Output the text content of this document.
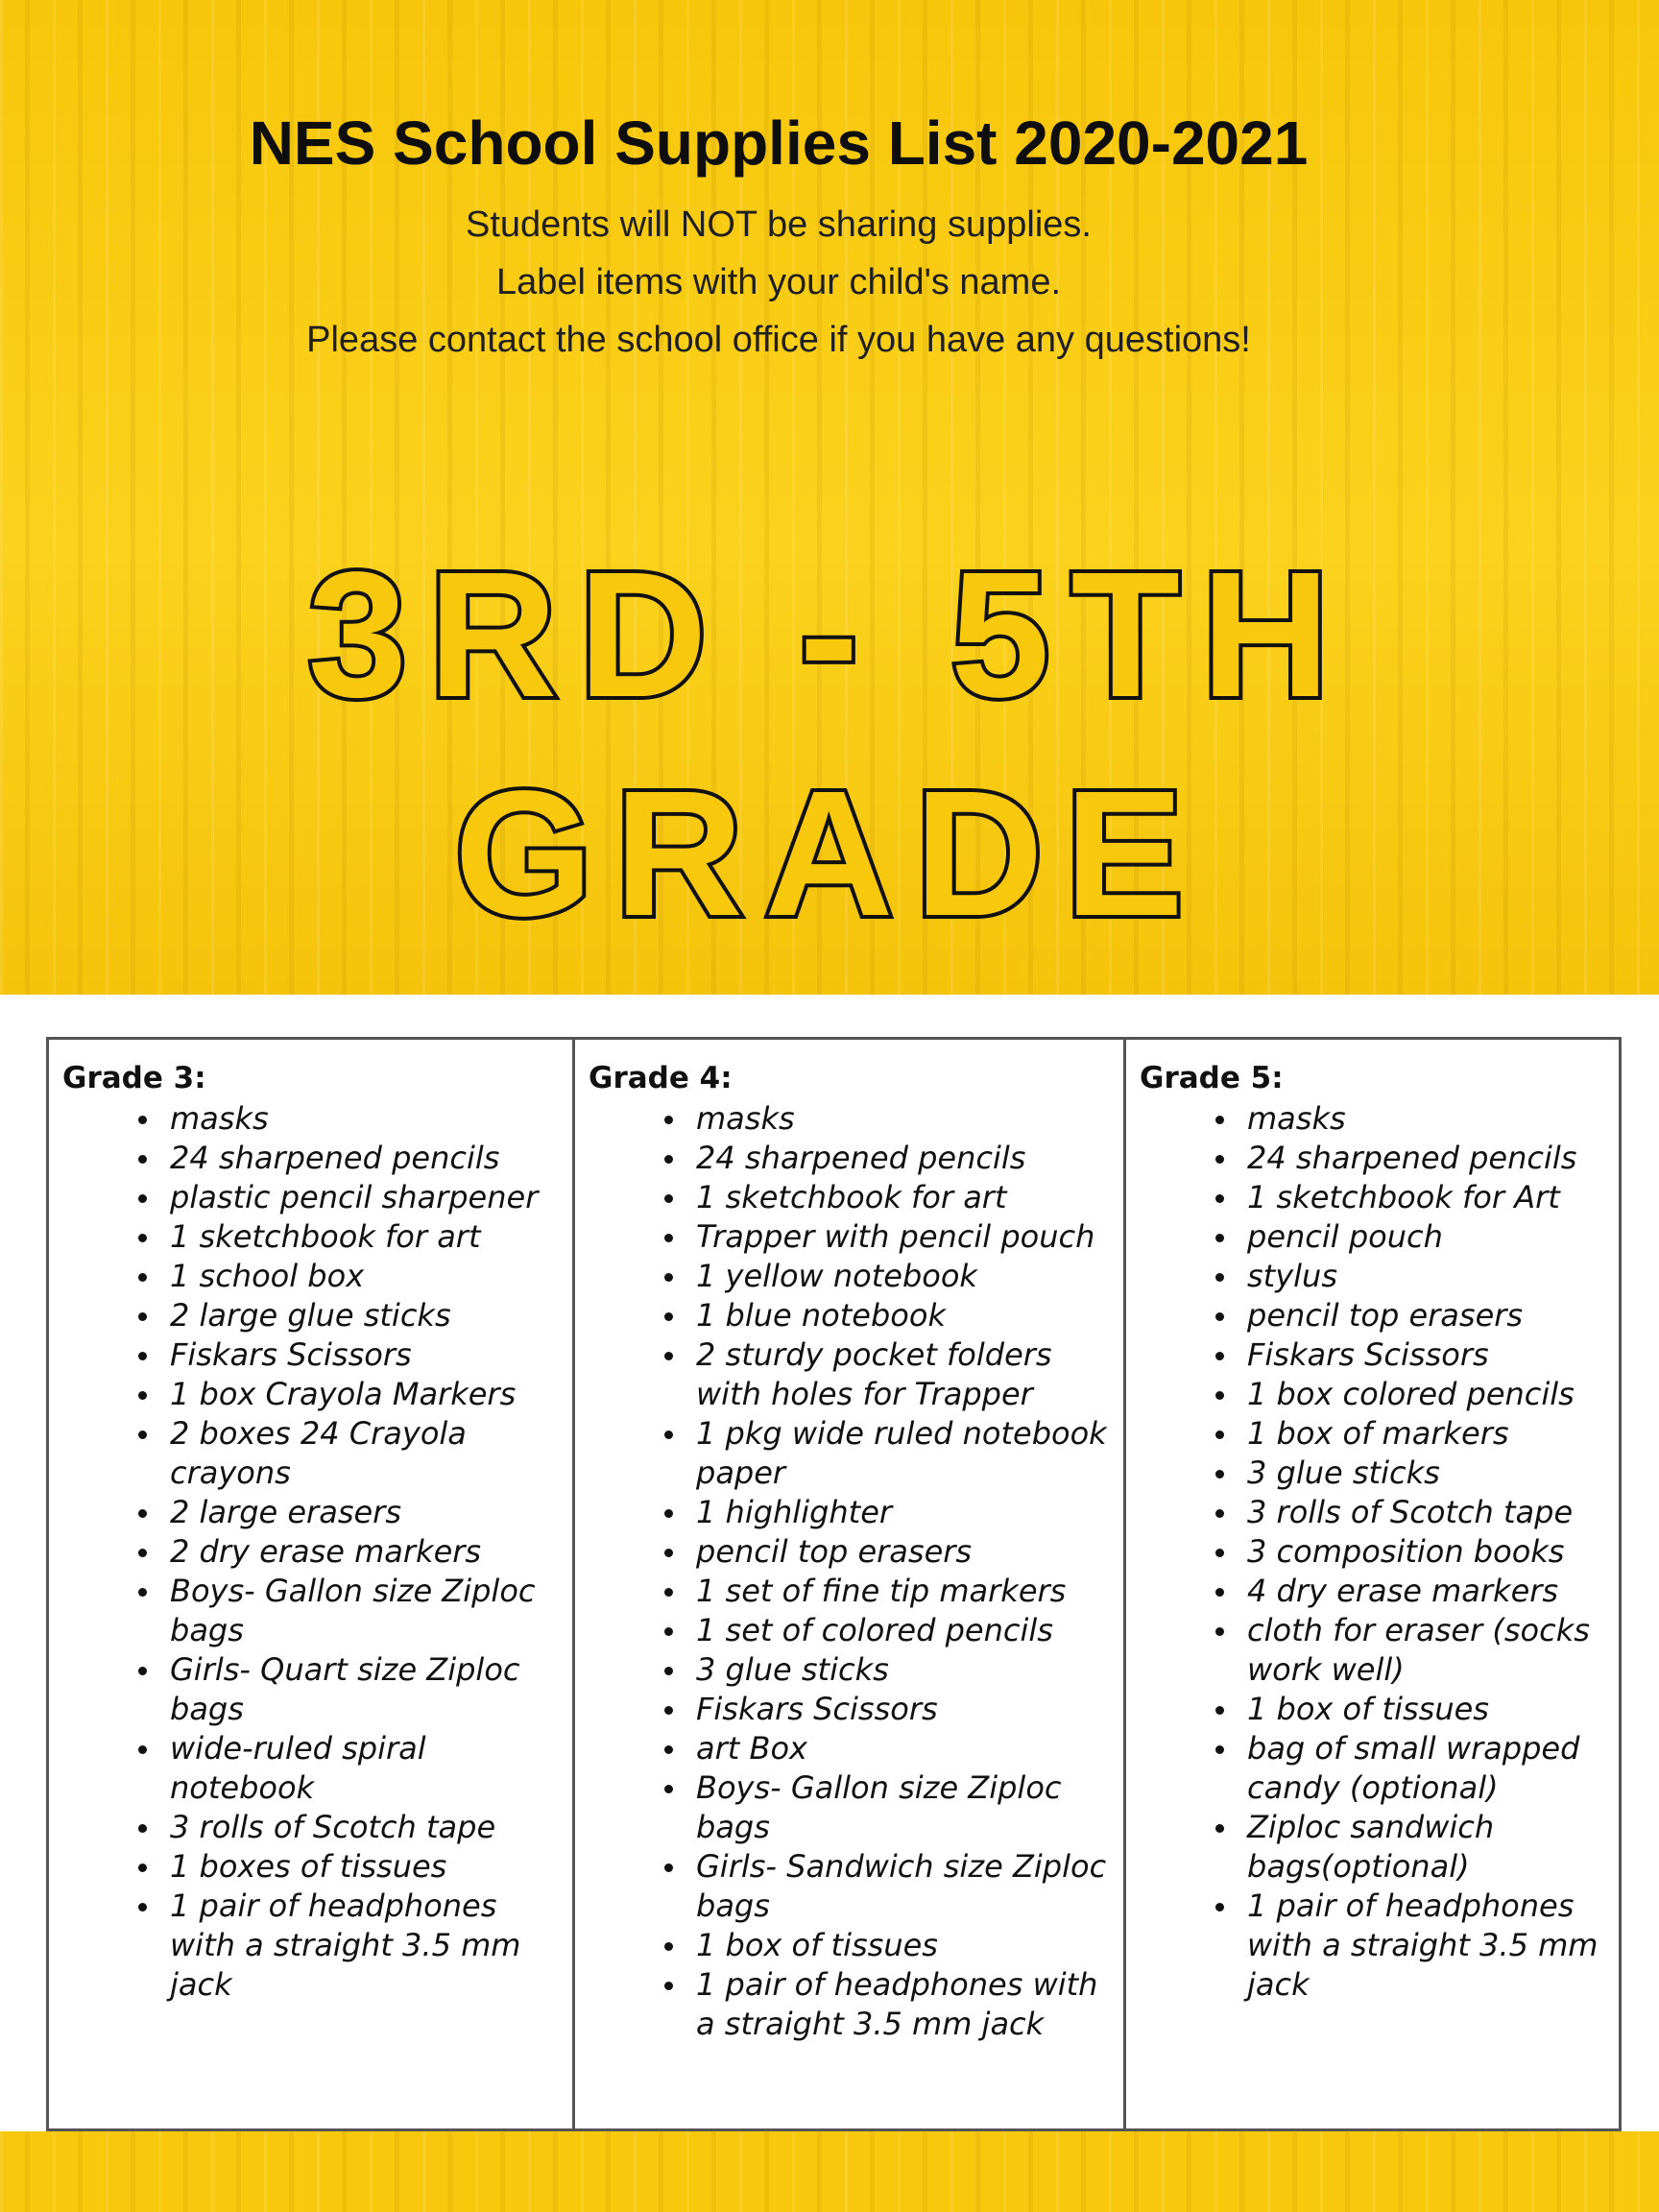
NES School Supplies List 2020-2021
Students will NOT be sharing supplies.
Label items with your child's name.
Please contact the school office if you have any questions!
3RD - 5TH
GRADE
Grade 3:
• masks
• 24 sharpened pencils
• plastic pencil sharpener
• 1 sketchbook for art
• 1 school box
• 2 large glue sticks
• Fiskars Scissors
• 1 box Crayola Markers
• 2 boxes 24 Crayola crayons
• 2 large erasers
• 2 dry erase markers
• Boys- Gallon size Ziploc bags
• Girls- Quart size Ziploc bags
• wide-ruled spiral notebook
• 3 rolls of Scotch tape
• 1 boxes of tissues
• 1 pair of headphones with a straight 3.5 mm jack

Grade 4:
• masks
• 24 sharpened pencils
• 1 sketchbook for art
• Trapper with pencil pouch
• 1 yellow notebook
• 1 blue notebook
• 2 sturdy pocket folders with holes for Trapper
• 1 pkg wide ruled notebook paper
• 1 highlighter
• pencil top erasers
• 1 set of fine tip markers
• 1 set of colored pencils
• 3 glue sticks
• Fiskars Scissors
• art Box
• Boys- Gallon size Ziploc bags
• Girls- Sandwich size Ziploc bags
• 1 box of tissues
• 1 pair of headphones with a straight 3.5 mm jack

Grade 5:
• masks
• 24 sharpened pencils
• 1 sketchbook for Art
• pencil pouch
• stylus
• pencil top erasers
• Fiskars Scissors
• 1 box colored pencils
• 1 box of markers
• 3 glue sticks
• 3 rolls of Scotch tape
• 3 composition books
• 4 dry erase markers
• cloth for eraser (socks work well)
• 1 box of tissues
• bag of small wrapped candy (optional)
• Ziploc sandwich bags(optional)
• 1 pair of headphones with a straight 3.5 mm jack
